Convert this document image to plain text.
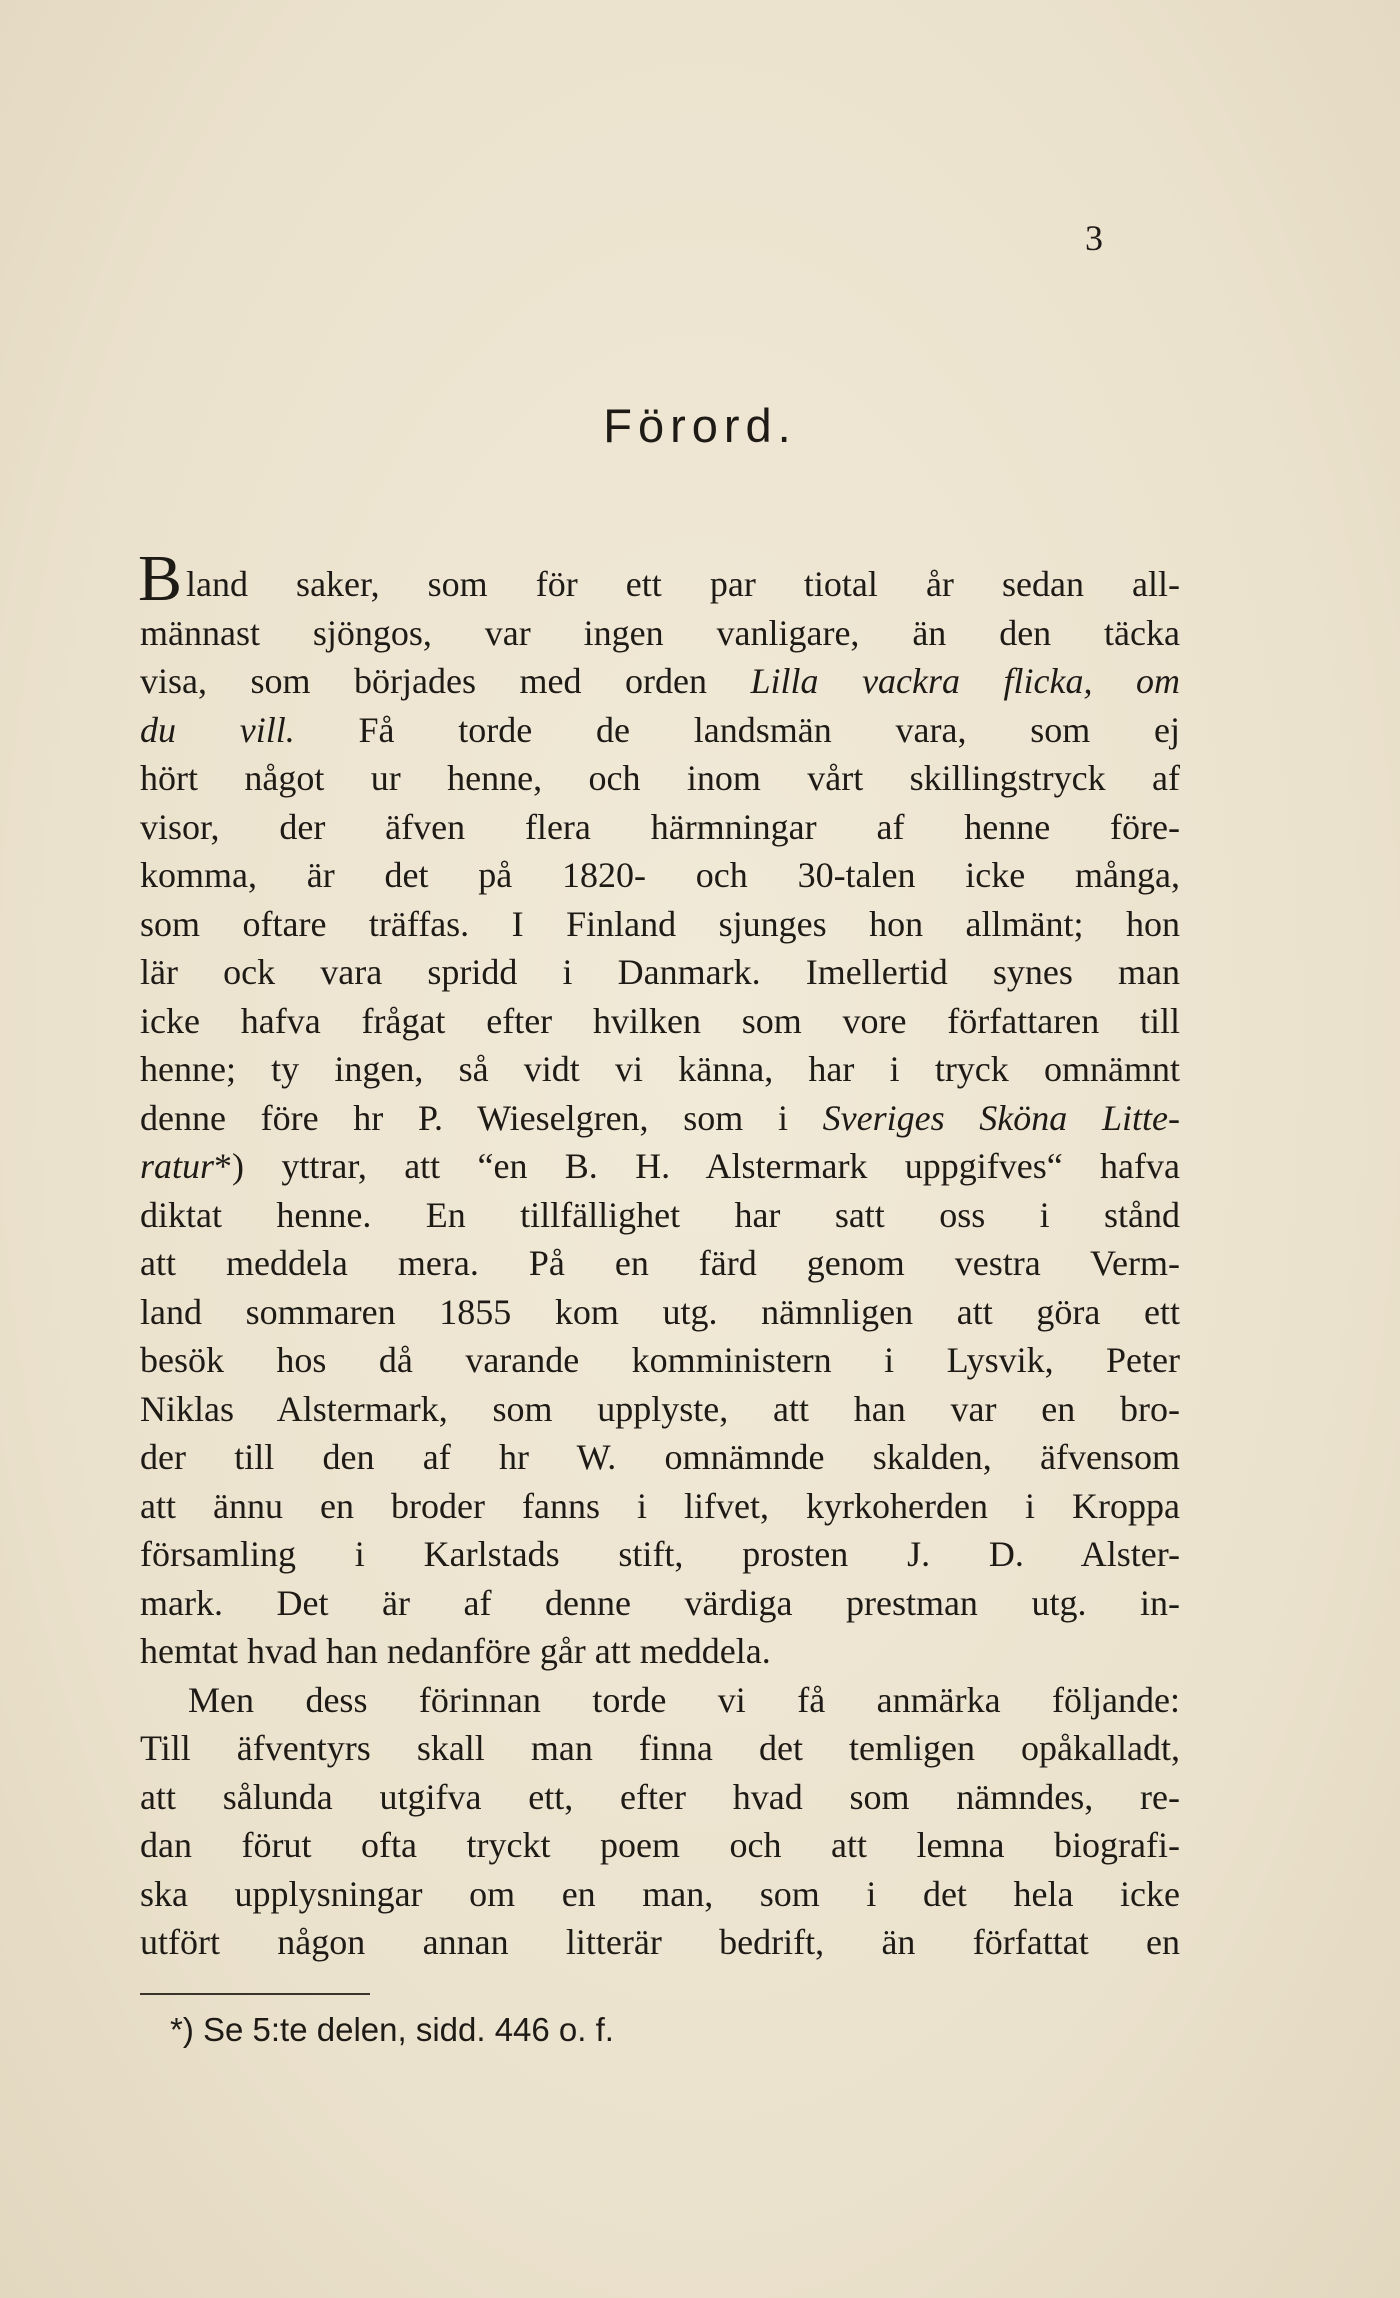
3
Förord.
B land saker, som för ett par tiotal år sedan all-
männast sjöngos, var ingen vanligare, än den täcka
visa, som börjades med orden Lilla vackra flicka, om
du vill. Få torde de landsmän vara, som ej
hört något ur henne, och inom vårt skillingstryck af
visor, der äfven flera härmningar af henne före-
komma, är det på 1820- och 30-talen icke många,
som oftare träffas. I Finland sjunges hon allmänt; hon
lär ock vara spridd i Danmark. Imellertid synes man
icke hafva frågat efter hvilken som vore författaren till
henne; ty ingen, så vidt vi känna, har i tryck omnämnt
denne före hr P. Wieselgren, som i Sveriges Sköna Litte-
ratur*) yttrar, att “en B. H. Alstermark uppgifves“ hafva
diktat henne. En tillfällighet har satt oss i stånd
att meddela mera. På en färd genom vestra Verm-
land sommaren 1855 kom utg. nämnligen att göra ett
besök hos då varande komministern i Lysvik, Peter
Niklas Alstermark, som upplyste, att han var en bro-
der till den af hr W. omnämnde skalden, äfvensom
att ännu en broder fanns i lifvet, kyrkoherden i Kroppa
församling i Karlstads stift, prosten J. D. Alster-
mark. Det är af denne värdiga prestman utg. in-
hemtat hvad han nedanföre går att meddela.
Men dess förinnan torde vi få anmärka följande:
Till äfventyrs skall man finna det temligen opåkalladt,
att sålunda utgifva ett, efter hvad som nämndes, re-
dan förut ofta tryckt poem och att lemna biografi-
ska upplysningar om en man, som i det hela icke
utfört någon annan litterär bedrift, än författat en
*) Se 5:te delen, sidd. 446 o. f.
